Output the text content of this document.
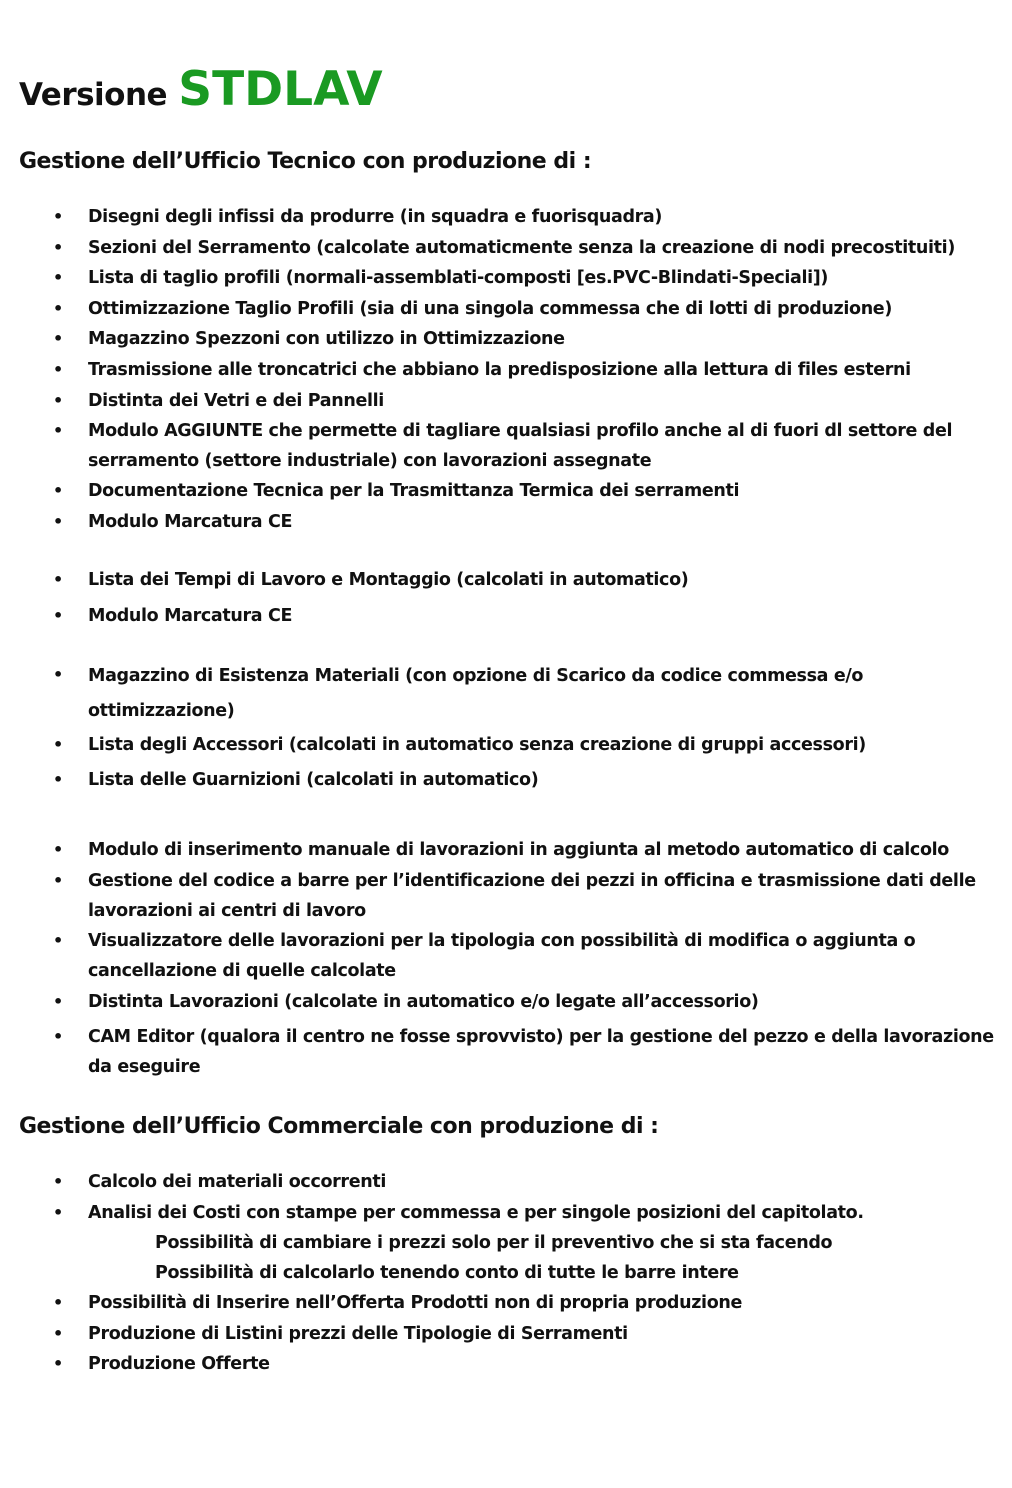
Versione STDLAV
Gestione dell’Ufficio Tecnico con produzione di :
• Disegni degli infissi da produrre (in squadra e fuorisquadra)
• Sezioni del Serramento (calcolate automaticmente senza la creazione di nodi precostituiti)
• Lista di taglio profili (normali-assemblati-composti [es.PVC-Blindati-Speciali])
• Ottimizzazione Taglio Profili (sia di una singola commessa che di lotti di produzione)
• Magazzino Spezzoni con utilizzo in Ottimizzazione
• Trasmissione alle troncatrici che abbiano la predisposizione alla lettura di files esterni
• Distinta dei Vetri e dei Pannelli
• Modulo AGGIUNTE che permette di tagliare qualsiasi profilo anche al di fuori dl settore del serramento (settore industriale) con lavorazioni assegnate
• Documentazione Tecnica per la Trasmittanza Termica dei serramenti
• Modulo Marcatura CE
• Lista dei Tempi di Lavoro e Montaggio (calcolati in automatico)
• Modulo Marcatura CE
• Magazzino di Esistenza Materiali (con opzione di Scarico da codice commessa e/o ottimizzazione)
• Lista degli Accessori (calcolati in automatico senza creazione di gruppi accessori)
• Lista delle Guarnizioni (calcolati in automatico)
• Modulo di inserimento manuale di lavorazioni in aggiunta al metodo automatico di calcolo
• Gestione del codice a barre per l’identificazione dei pezzi in officina e trasmissione dati delle lavorazioni ai centri di lavoro
• Visualizzatore delle lavorazioni per la tipologia con possibilità di modifica o aggiunta o cancellazione di quelle calcolate
• Distinta Lavorazioni (calcolate in automatico e/o legate all’accessorio)
• CAM Editor (qualora il centro ne fosse sprovvisto) per la gestione del pezzo e della lavorazione da eseguire
Gestione dell’Ufficio Commerciale con produzione di :
• Calcolo dei materiali occorrenti
• Analisi dei Costi con stampe per commessa e per singole posizioni del capitolato.
Possibilità di cambiare i prezzi solo per il preventivo che si sta facendo
Possibilità di calcolarlo tenendo conto di tutte le barre intere
• Possibilità di Inserire nell’Offerta Prodotti non di propria produzione
• Produzione di Listini prezzi delle Tipologie di Serramenti
• Produzione Offerte
